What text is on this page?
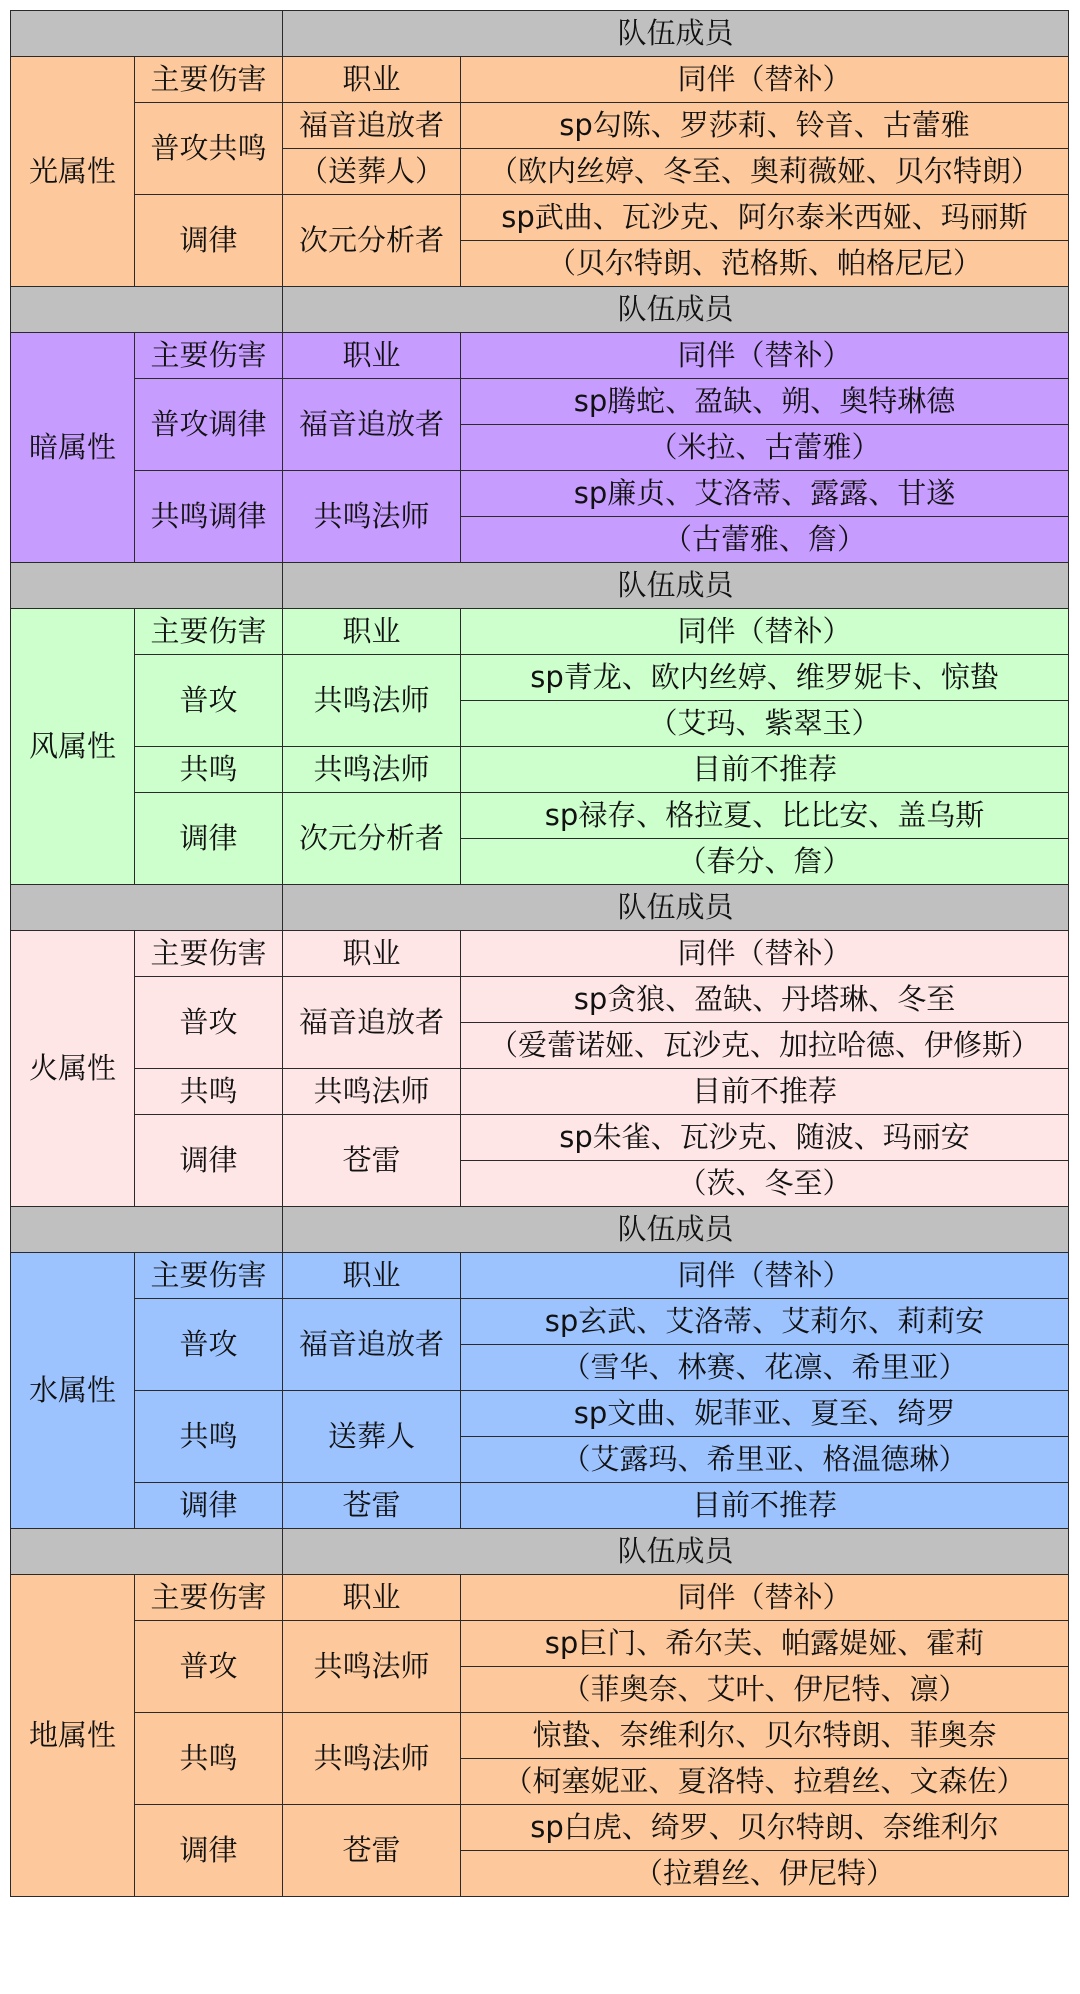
		队伍成员	
光属性	主要伤害	职业	同伴（替补）
	普攻共鸣	福音追放者	sp勾陈、罗莎莉、铃音、古蕾雅
		（送葬人）	（欧内丝婷、冬至、奥莉薇娅、贝尔特朗）
	调律	次元分析者	sp武曲、瓦沙克、阿尔泰米西娅、玛丽斯
			（贝尔特朗、范格斯、帕格尼尼）
		队伍成员	
暗属性	主要伤害	职业	同伴（替补）
	普攻调律	福音追放者	sp腾蛇、盈缺、朔、奥特琳德
			（米拉、古蕾雅）
	共鸣调律	共鸣法师	sp廉贞、艾洛蒂、露露、甘遂
			（古蕾雅、詹）
		队伍成员	
风属性	主要伤害	职业	同伴（替补）
	普攻	共鸣法师	sp青龙、欧内丝婷、维罗妮卡、惊蛰
			（艾玛、紫翠玉）
	共鸣	共鸣法师	目前不推荐
	调律	次元分析者	sp禄存、格拉夏、比比安、盖乌斯
			（春分、詹）
		队伍成员	
火属性	主要伤害	职业	同伴（替补）
	普攻	福音追放者	sp贪狼、盈缺、丹塔琳、冬至
			（爱蕾诺娅、瓦沙克、加拉哈德、伊修斯）
	共鸣	共鸣法师	目前不推荐
	调律	苍雷	sp朱雀、瓦沙克、随波、玛丽安
			（茨、冬至）
		队伍成员	
水属性	主要伤害	职业	同伴（替补）
	普攻	福音追放者	sp玄武、艾洛蒂、艾莉尔、莉莉安
			（雪华、林赛、花凛、希里亚）
	共鸣	送葬人	sp文曲、妮菲亚、夏至、绮罗
			（艾露玛、希里亚、格温德琳）
	调律	苍雷	目前不推荐
		队伍成员	
地属性	主要伤害	职业	同伴（替补）
	普攻	共鸣法师	sp巨门、希尔芙、帕露媞娅、霍莉
			（菲奥奈、艾叶、伊尼特、凛）
	共鸣	共鸣法师	惊蛰、奈维利尔、贝尔特朗、菲奥奈
			（柯塞妮亚、夏洛特、拉碧丝、文森佐）
	调律	苍雷	sp白虎、绮罗、贝尔特朗、奈维利尔
			（拉碧丝、伊尼特）
